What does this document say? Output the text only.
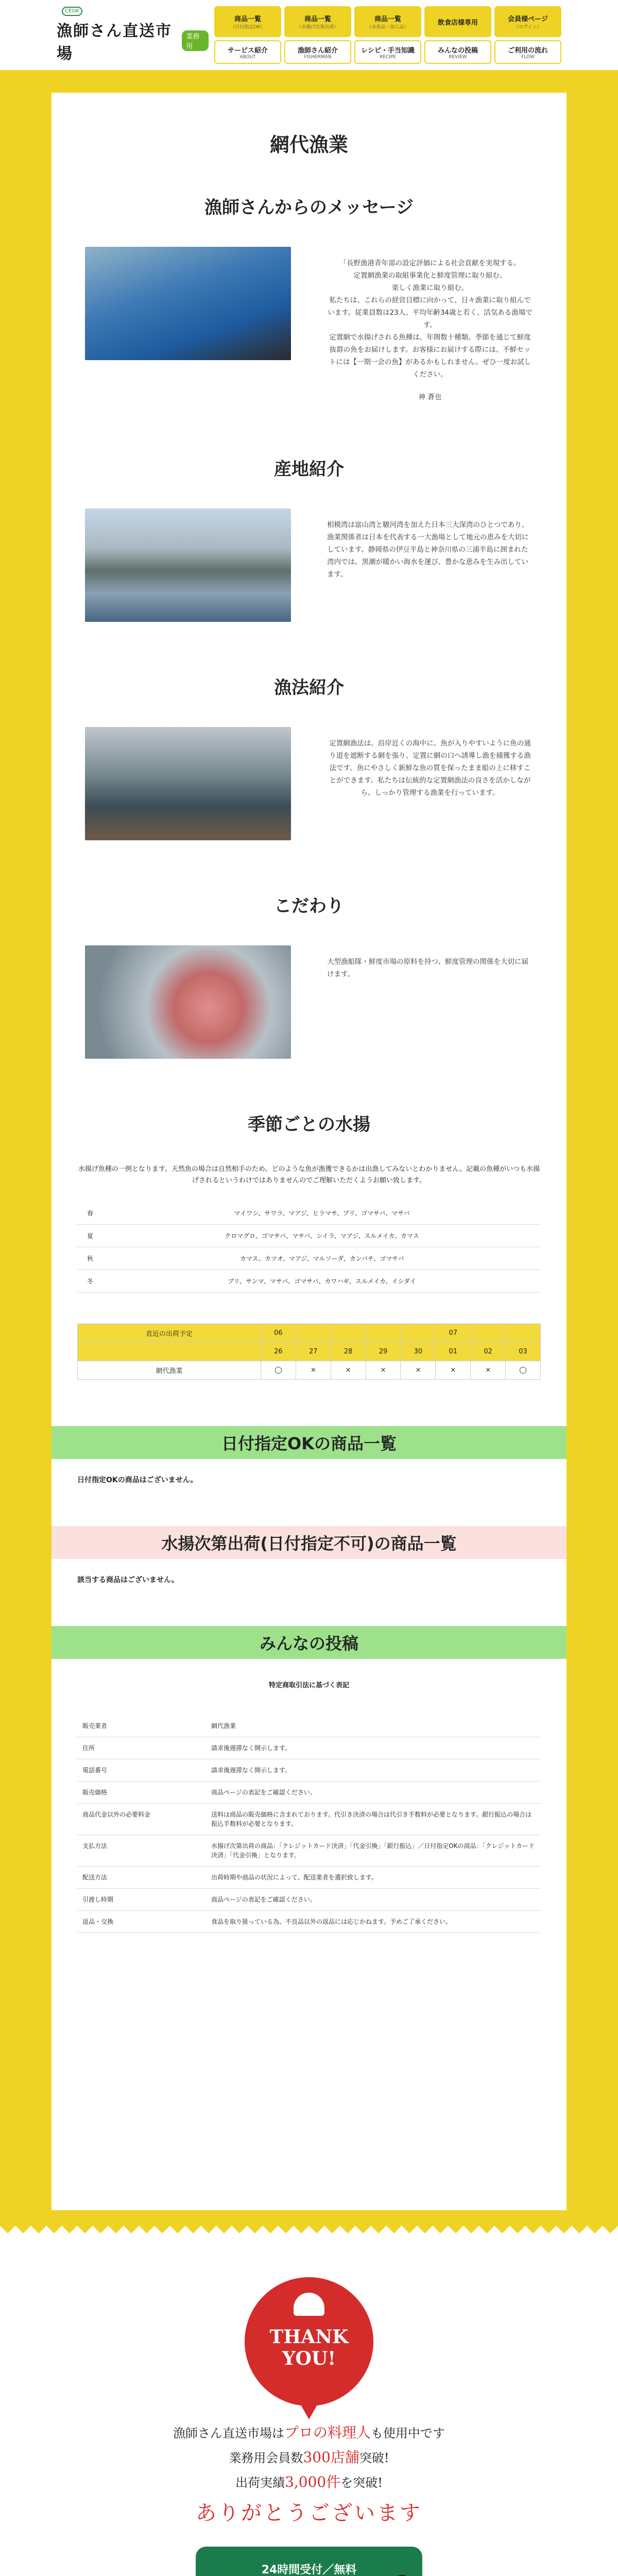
CEOK
漁師さん直送市場
業務用
商品一覧
（日付指定OK）
商品一覧
（水揚げ次第出荷）
商品一覧
（水産品・加工品）
飲食店様専用	会員様ページ
（ログイン）
サービス紹介
ABOUT
漁師さん紹介
FISHERMAN
レシピ・手当知識
RECIPE
みんなの投稿
REVIEW
ご利用の流れ
FLOW
網代漁業
漁師さんからのメッセージ

「長野漁港青年部の設定評価による社会貢献を実現する。
定置網漁業の取組事業化と鮮度管理に取り組む。
楽しく漁業に取り組む。
私たちは、これらの経営目標に向かって、日々漁業に取り組んでいます。従業員数は23人、平均年齢34歳と若く、活気ある漁場です。
定置網で水揚げされる魚種は、年間数十種類。季節を通じて鮮度抜群の魚をお届けします。お客様にお届けする際には、不鮮セットには【一期一会の魚】があるかもしれません。ぜひ一度お試しください。

神 蒼也

産地紹介
相模湾は富山湾と駿河湾を加えた日本三大深湾のひとつであり、漁業関係者は日本を代表する一大漁場として地元の恵みを大切にしています。静岡県の伊豆半島と神奈川県の三浦半島に囲まれた湾内では、黒潮が暖かい海水を運び、豊かな恵みを生み出しています。
漁法紹介
定置網漁法は、沿岸近くの海中に、魚が入りやすいように魚の通り道を遮断する網を張り、定置に網の口へ誘導し漁を捕獲する漁法です。魚にやさしく新鮮な魚の質を保ったまま船の上に移すことができます。私たちは伝統的な定置網漁法の良さを活かしながら、しっかり管理する漁業を行っています。
こだわり
大型漁船隊・鮮度市場の原料を持つ、鮮度管理の関係を大切に届けます。
季節ごとの水揚

水揚げ魚種の一例となります。天然魚の場合は自然相手のため、どのような魚が漁獲できるかは出漁してみないとわかりません。記載の魚種がいつも水揚げされるというわけではありませんのでご理解いただくようお願い致します。

春	マイワシ、サワラ、マアジ、ヒラマサ、ブリ、ゴマサバ、マサバ
夏	クロマグロ、ゴマサバ、マサバ、シイラ、マアジ、スルメイカ、カマス
秋	カマス、カツオ、マアジ、マルソーダ、カンパチ、ゴマサバ
冬	ブリ、サンマ、マサバ、ゴマサバ、カワハギ、スルメイカ、イシダイ
直近の出荷予定	06					07		
	26	27	28	29	30	01	02	03
網代漁業	◯	×	×	×	×	×	×	◯
日付指定OKの商品一覧

日付指定OKの商品はございません。

水揚次第出荷(日付指定不可)の商品一覧

該当する商品はございません。

みんなの投稿

特定商取引法に基づく表記

販売業者	網代漁業
住所	請求後遅滞なく開示します。
電話番号	請求後遅滞なく開示します。
販売価格	商品ページの表記をご確認ください。
商品代金以外の必要料金	送料は商品の販売価格に含まれております。代引き決済の場合は代引き手数料が必要となります。銀行振込の場合は振込手数料が必要となります。
支払方法	水揚げ次第出荷の商品：「クレジットカード決済」「代金引換」「銀行振込」／日付指定OKの商品：「クレジットカード決済」「代金引換」となります。
配送方法	出荷時期や商品の状況によって、配送業者を選択致します。
引渡し時期	商品ページの表記をご確認ください。
返品・交換	食品を取り扱っている為、不良品以外の返品には応じかねます。予めご了承ください。
THANK YOU!

漁師さん直送市場はプロの料理人も使用中です

業務用会員数300店舗突破!

出荷実績3,000件を突破!

ありがとうございます

24時間受付／無料
